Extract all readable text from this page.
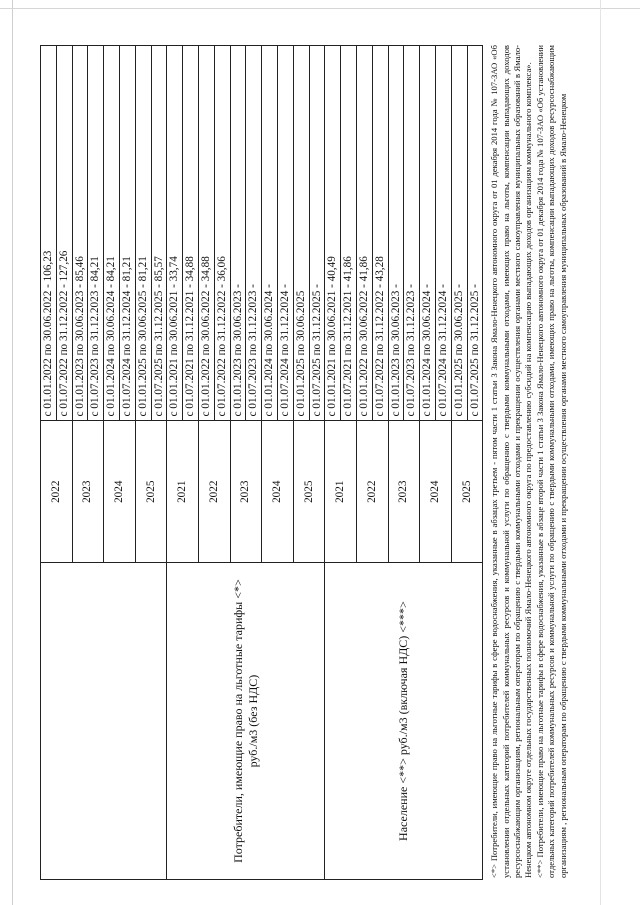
	2022	с 01.01.2022 по 30.06.2022 - 106,23
		с 01.07.2022 по 31.12.2022 - 127,26
	2023	с 01.01.2023 по 30.06.2023 - 85,46
		с 01.07.2023 по 31.12.2023 - 84,21
	2024	с 01.01.2024 по 30.06.2024 - 84,21
		с 01.07.2024 по 31.12.2024 - 81,21
	2025	с 01.01.2025 по 30.06.2025 - 81,21
		с 01.07.2025 по 31.12.2025 - 85,57
Потребители, имеющие право на льготные тарифы <*> руб./м3 (без НДС)	2021	с 01.01.2021 по 30.06.2021 - 33,74
		с 01.07.2021 по 31.12.2021 - 34,88
	2022	с 01.01.2022 по 30.06.2022 - 34,88
		с 01.07.2022 по 31.12.2022 - 36,06
	2023	с 01.01.2023 по 30.06.2023 -
		с 01.07.2023 по 31.12.2023 -
	2024	с 01.01.2024 по 30.06.2024 -
		с 01.07.2024 по 31.12.2024 -
	2025	с 01.01.2025 по 30.06.2025
		с 01.07.2025 по 31.12.2025 -
Население <**> руб./м3 (включая НДС) <***>	2021	с 01.01.2021 по 30.06.2021 - 40,49
		с 01.07.2021 по 31.12.2021 - 41,86
	2022	с 01.01.2022 по 30.06.2022 - 41,86
		с 01.07.2022 по 31.12.2022 - 43,28
	2023	с 01.01.2023 по 30.06.2023 -
		с 01.07.2023 по 31.12.2023 -
	2024	с 01.01.2024 по 30.06.2024 -
		с 01.07.2024 по 31.12.2024 -
	2025	с 01.01.2025 по 30.06.2025 -
		с 01.07.2025 по 31.12.2025 - <*> Потребители, имеющие право на льготные тарифы в сфере водоснабжения, указанные в абзацах третьем - пятом части 1 статьи 3 Закона Ямало-Ненецкого автономного округа от 01 декабря 2014 года № 107-ЗАО «Об установлении отдельных категорий потребителей коммунальных ресурсов и коммунальной услуги по обращению с твердыми коммунальными отходами, имеющих право на льготы, компенсации выпадающих доходов ресурсоснабжающим организациям, региональным операторам по обращению с твердыми коммунальными отходами и прекращении осуществления органами местного самоуправления муниципальных образований в Ямало-Ненецком автономном округе отдельных государственных полномочий Ямало-Ненецкого автономного округа по предоставлению субсидий на компенсацию выпадающих доходов организациям коммунального комплекса». <**> Потребители, имеющие право на льготные тарифы в сфере водоснабжения, указанные в абзаце второй части 1 статьи 3 Закона Ямало-Ненецкого автономного округа от 01 декабря 2014 года № 107-ЗАО «Об установлении отдельных категорий потребителей коммунальных ресурсов и коммунальной услуги по обращению с твердыми коммунальными отходами, имеющих право на льготы, компенсации выпадающих доходов ресурсоснабжающим организациям , региональным операторам по обращению с твердыми коммунальными отходами и прекращении осуществления органами местного самоуправления муниципальных образований в Ямало-Ненецком
